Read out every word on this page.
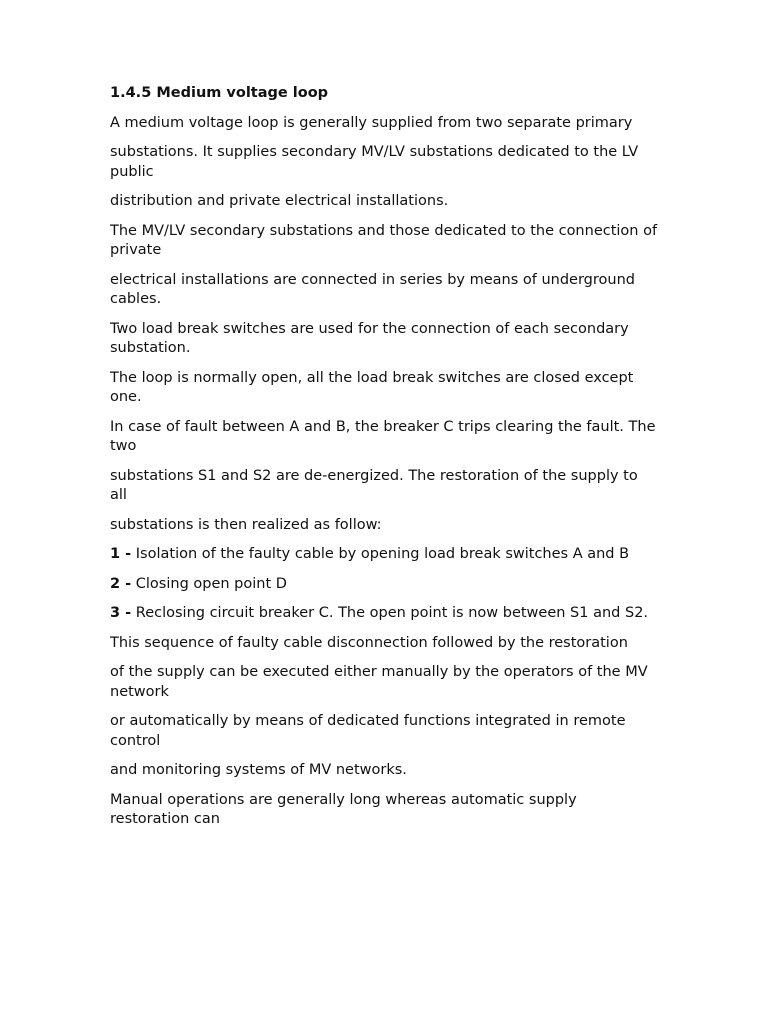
1.4.5 Medium voltage loop

A medium voltage loop is generally supplied from two separate primary

substations. It supplies secondary MV/LV substations dedicated to the LV public

distribution and private electrical installations.

The MV/LV secondary substations and those dedicated to the connection of private

electrical installations are connected in series by means of underground cables.

Two load break switches are used for the connection of each secondary substation.

The loop is normally open, all the load break switches are closed except one.

In case of fault between A and B, the breaker C trips clearing the fault. The two

substations S1 and S2 are de-energized. The restoration of the supply to all

substations is then realized as follow:

1 - Isolation of the faulty cable by opening load break switches A and B

2 - Closing open point D

3 - Reclosing circuit breaker C. The open point is now between S1 and S2.

This sequence of faulty cable disconnection followed by the restoration

of the supply can be executed either manually by the operators of the MV network

or automatically by means of dedicated functions integrated in remote control

and monitoring systems of MV networks.

Manual operations are generally long whereas automatic supply restoration can
